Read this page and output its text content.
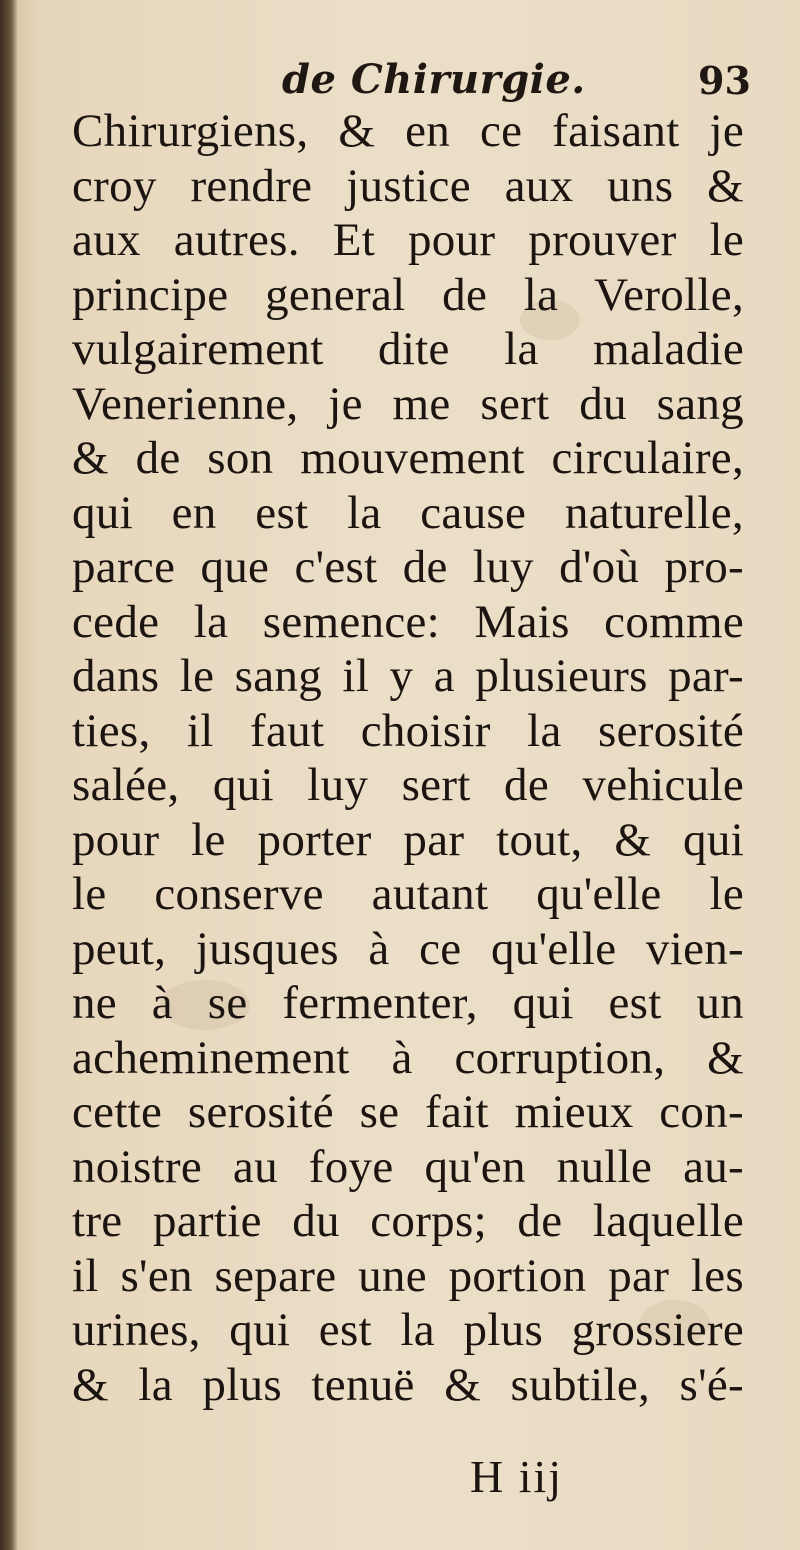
de Chirurgie.	93
Chirurgiens, & en ce faisant je
croy rendre justice aux uns &
aux autres. Et pour prouver le
principe general de la Verolle,
vulgairement dite la maladie
Venerienne, je me sert du sang
& de son mouvement circulaire,
qui en est la cause naturelle,
parce que c'est de luy d'où pro-
cede la semence: Mais comme
dans le sang il y a plusieurs par-
ties, il faut choisir la serosité
salée, qui luy sert de vehicule
pour le porter par tout, & qui
le conserve autant qu'elle le
peut, jusques à ce qu'elle vien-
ne à se fermenter, qui est un
acheminement à corruption, &
cette serosité se fait mieux con-
noistre au foye qu'en nulle au-
tre partie du corps; de laquelle
il s'en separe une portion par les
urines, qui est la plus grossiere
& la plus tenuë & subtile, s'é-
H iij
